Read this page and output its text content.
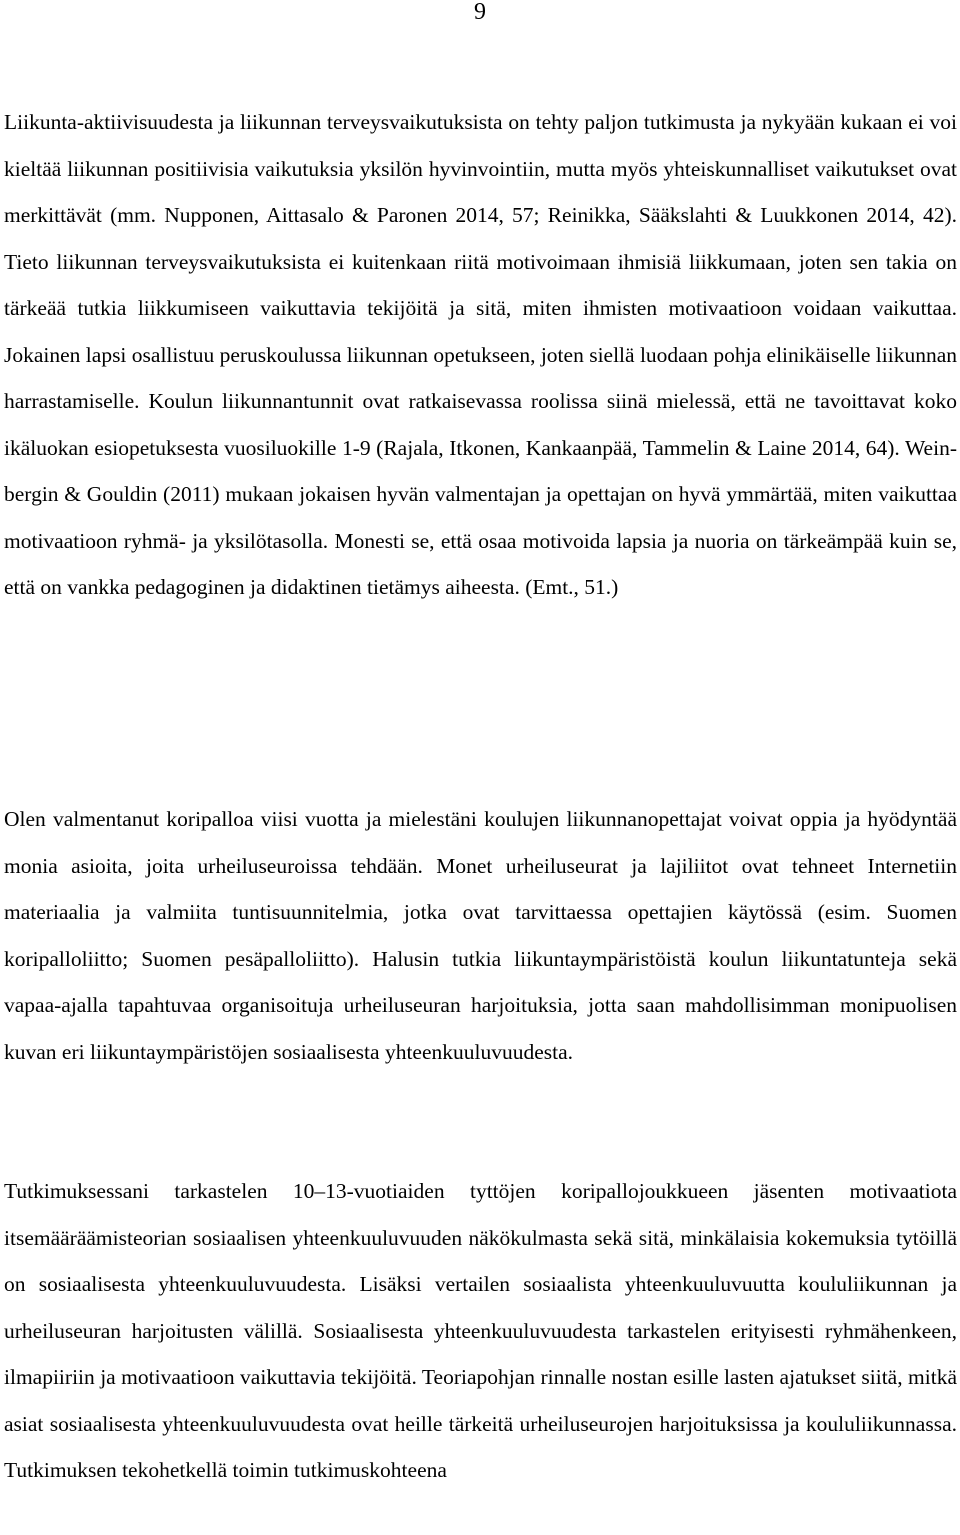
9

Liikunta-aktiivisuudesta ja liikunnan terveysvaikutuksista on tehty paljon tutkimusta ja nykyään kukaan ei voi kieltää liikunnan positiivisia vaikutuksia yksilön hyvinvointiin, mutta myös yhteiskunnalliset vaikutukset ovat merkittävät (mm. Nupponen, Aittasalo & Paronen 2014, 57; Reinikka, Sääkslahti & Luukkonen 2014, 42). Tieto liikunnan terveysvaikutuksista ei kuitenkaan riitä motivoimaan ihmisiä liikkumaan, joten sen takia on tärkeää tutkia liikkumiseen vaikuttavia tekijöitä ja sitä, miten ihmisten motivaatioon voidaan vaikuttaa. Jokainen lapsi osallistuu peruskoulussa liikunnan opetukseen, joten siellä luodaan pohja elinikäiselle liikunnan harrastamiselle. Koulun liikunnantunnit ovat ratkaisevassa roolissa siinä mielessä, että ne tavoittavat koko ikäluokan esiopetuksesta vuosiluokille 1-9 (Rajala, Itkonen, Kankaanpää, Tammelin & Laine 2014, 64). Weinbergin & Gouldin (2011) mukaan jokaisen hyvän valmentajan ja opettajan on hyvä ymmärtää, miten vaikuttaa motivaatioon ryhmä- ja yksilötasolla. Monesti se, että osaa motivoida lapsia ja nuoria on tärkeämpää kuin se, että on vankka pedagoginen ja didaktinen tietämys aiheesta. (Emt., 51.)

Olen valmentanut koripalloa viisi vuotta ja mielestäni koulujen liikunnanopettajat voivat oppia ja hyödyntää monia asioita, joita urheiluseuroissa tehdään. Monet urheiluseurat ja lajiliitot ovat tehneet Internetiin materiaalia ja valmiita tuntisuunnitelmia, jotka ovat tarvittaessa opettajien käytössä (esim. Suomen koripalloliitto; Suomen pesäpalloliitto). Halusin tutkia liikuntaympäristöistä koulun liikuntatunteja sekä vapaa-ajalla tapahtuvaa organisoituja urheiluseuran harjoituksia, jotta saan mahdollisimman monipuolisen kuvan eri liikuntaympäristöjen sosiaalisesta yhteenkuuluvuudesta.

Tutkimuksessani tarkastelen 10–13-vuotiaiden tyttöjen koripallojoukkueen jäsenten motivaatiota itsemääräämisteorian sosiaalisen yhteenkuuluvuuden näkökulmasta sekä sitä, minkälaisia kokemuksia tytöillä on sosiaalisesta yhteenkuuluvuudesta. Lisäksi vertailen sosiaalista yhteenkuuluvuutta koululiikunnan ja urheiluseuran harjoitusten välillä. Sosiaalisesta yhteenkuuluvuudesta tarkastelen erityisesti ryhmähenkeen, ilmapiiriin ja motivaatioon vaikuttavia tekijöitä. Teoriapohjan rinnalle nostan esille lasten ajatukset siitä, mitkä asiat sosiaalisesta yhteenkuuluvuudesta ovat heille tärkeitä urheiluseurojen harjoituksissa ja koululiikunnassa. Tutkimuksen tekohetkellä toimin tutkimuskohteena
